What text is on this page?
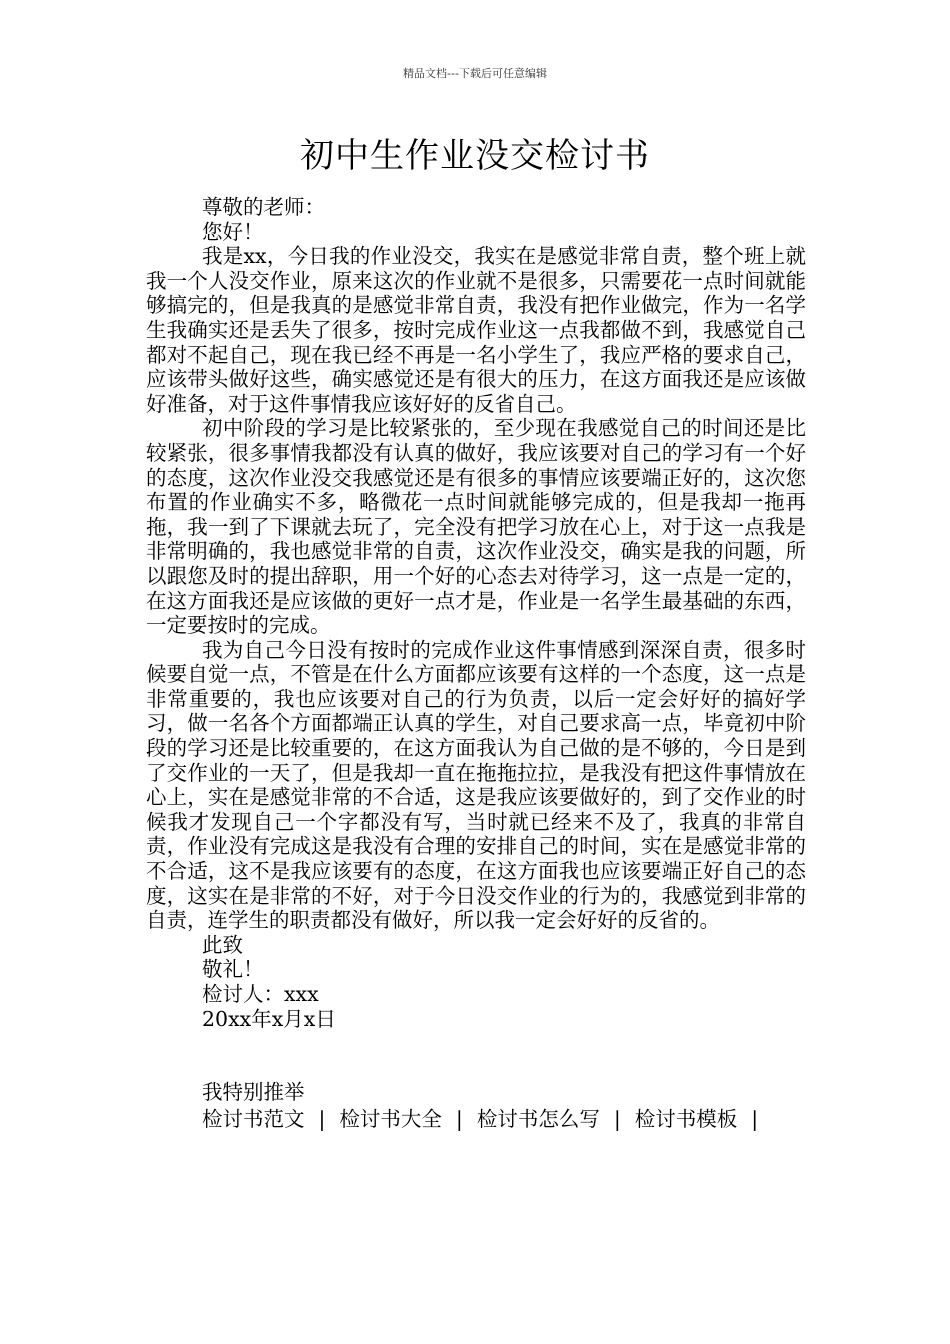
精品文档---下载后可任意编辑
初中生作业没交检讨书

尊敬的老师：

您好！

我是xx，今日我的作业没交，我实在是感觉非常自责，整个班上就我一个人没交作业，原来这次的作业就不是很多，只需要花一点时间就能够搞完的，但是我真的是感觉非常自责，我没有把作业做完，作为一名学生我确实还是丢失了很多，按时完成作业这一点我都做不到，我感觉自己都对不起自己，现在我已经不再是一名小学生了，我应严格的要求自己，应该带头做好这些，确实感觉还是有很大的压力，在这方面我还是应该做好准备，对于这件事情我应该好好的反省自己。

初中阶段的学习是比较紧张的，至少现在我感觉自己的时间还是比较紧张，很多事情我都没有认真的做好，我应该要对自己的学习有一个好的态度，这次作业没交我感觉还是有很多的事情应该要端正好的，这次您布置的作业确实不多，略微花一点时间就能够完成的，但是我却一拖再拖，我一到了下课就去玩了，完全没有把学习放在心上，对于这一点我是非常明确的，我也感觉非常的自责，这次作业没交，确实是我的问题，所以跟您及时的提出辞职，用一个好的心态去对待学习，这一点是一定的，在这方面我还是应该做的更好一点才是，作业是一名学生最基础的东西，一定要按时的完成。

我为自己今日没有按时的完成作业这件事情感到深深自责，很多时候要自觉一点，不管是在什么方面都应该要有这样的一个态度，这一点是非常重要的，我也应该要对自己的行为负责，以后一定会好好的搞好学习，做一名各个方面都端正认真的学生，对自己要求高一点，毕竟初中阶段的学习还是比较重要的，在这方面我认为自己做的是不够的，今日是到了交作业的一天了，但是我却一直在拖拖拉拉，是我没有把这件事情放在心上，实在是感觉非常的不合适，这是我应该要做好的，到了交作业的时候我才发现自己一个字都没有写，当时就已经来不及了，我真的非常自责，作业没有完成这是我没有合理的安排自己的时间，实在是感觉非常的不合适，这不是我应该要有的态度，在这方面我也应该要端正好自己的态度，这实在是非常的不好，对于今日没交作业的行为的，我感觉到非常的自责，连学生的职责都没有做好，所以我一定会好好的反省的。

此致

敬礼！

检讨人：xxx

20xx年x月x日

我特别推举

检讨书范文 | 检讨书大全 | 检讨书怎么写 | 检讨书模板 |
